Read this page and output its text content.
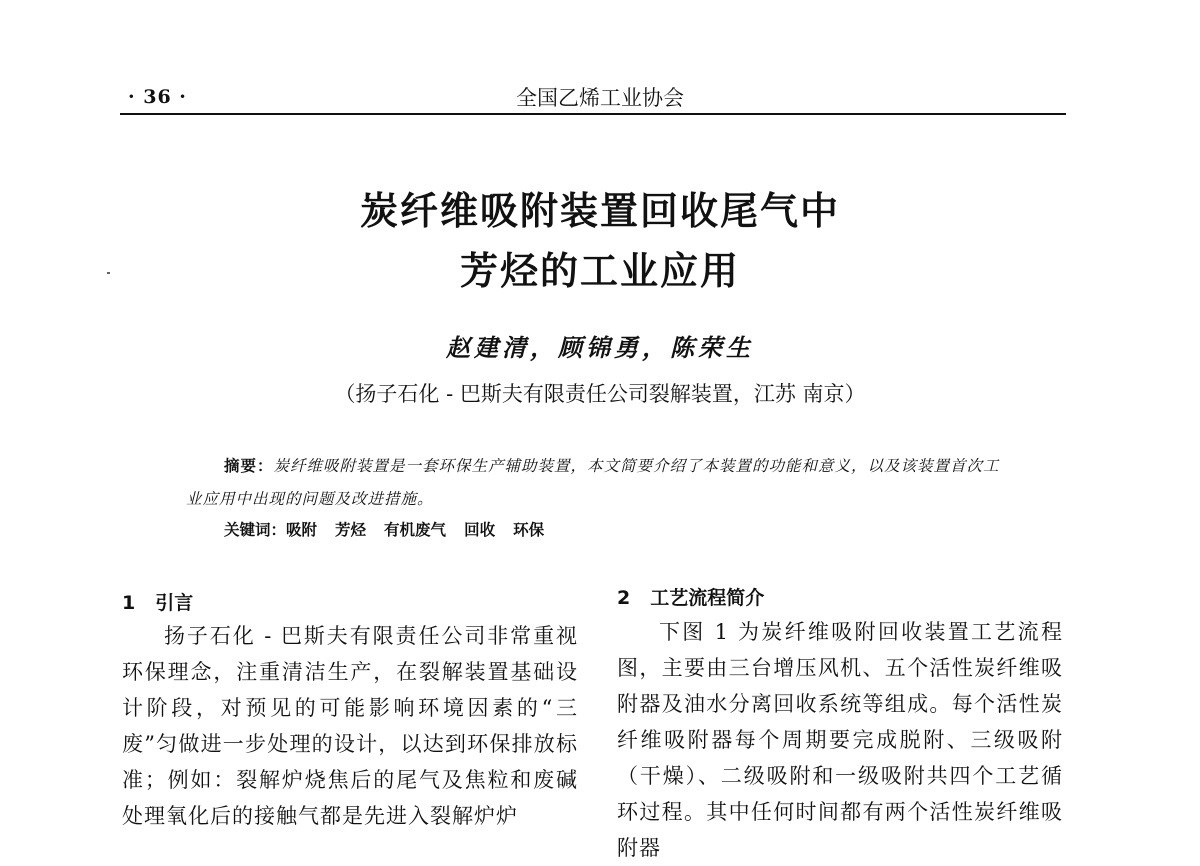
· 36 ·	全国乙烯工业协会
炭纤维吸附装置回收尾气中
芳烃的工业应用
赵建清，顾锦勇，陈荣生
（扬子石化 - 巴斯夫有限责任公司裂解装置，江苏 南京）
摘要：炭纤维吸附装置是一套环保生产辅助装置，本文简要介绍了本装置的功能和意义，以及该装置首次工业应用中出现的问题及改进措施。
关键词：吸附 芳烃 有机废气 回收 环保
1 引言
扬子石化 - 巴斯夫有限责任公司非常重视环保理念，注重清洁生产，在裂解装置基础设计阶段，对预见的可能影响环境因素的“三废”匀做进一步处理的设计，以达到环保排放标准；例如：裂解炉烧焦后的尾气及焦粒和废碱处理氧化后的接触气都是先进入裂解炉炉
2 工艺流程简介
下图 1 为炭纤维吸附回收装置工艺流程图，主要由三台增压风机、五个活性炭纤维吸附器及油水分离回收系统等组成。每个活性炭纤维吸附器每个周期要完成脱附、三级吸附（干燥）、二级吸附和一级吸附共四个工艺循环过程。其中任何时间都有两个活性炭纤维吸附器
